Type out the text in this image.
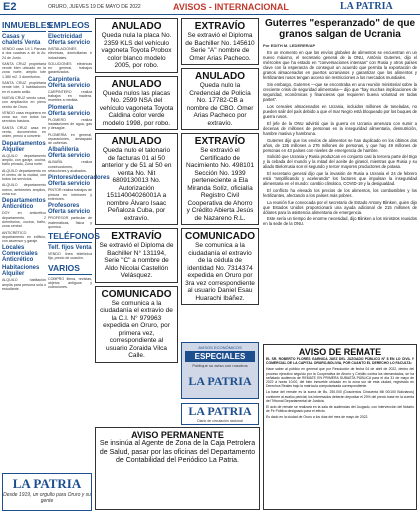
E2	ORURO, JUEVES 19 DE MAYO DE 2022	AVISOS - INTERNACIONAL	LA PATRIA
INMUEBLES
Casas y chalets Venta
VENDO casa 1/4 1 Panzas a dos cuadras a de la Av. 24 de Junio.
SANTA CRUZ propietaria vende bien ubicado en la zona norte, amplio lote 1.380 m2. 3 dormitorios.
SANTA CRUZ propietaria vende lote, 3 habitaciones en el cuarto anillo.
NUEVA CRUZ vendo casa, con ampliación en pleno centro de Oruro.
VENDO casa esquinera en zona sur, con todos los servicios básicos.
SANTA CRUZ casa en venta, documentos en orden, precio a convenir.
Departamentos Alquiler
ALQUILO departamento amplio, con garaje, cocina, baño privado, Zona norte.
ALQUILO departamento en el centro de la ciudad, con todos los servicios.
ALQUILO departamento nuevo, ambientes amplios, zona sur.
Departamentos Anticrético
DOY en anticrético departamento, 2 dormitorios, cocina, baño, zona central.
ANTICRÉTICO departamento en edificio, con ascensor y garaje.
Locales Comerciales Anticrético
Habitaciones Alquiler
ALQUILO habitación amplia para persona sola o estudiante.
LA PATRIA
Desde 1919, un orgullo para Oruro y su gente
EMPLEOS
Electricidad Oferta servicio
INSTALACIONES eléctricas, domiciliarias e industriales.
SOLUCIONES eléctricas en general, trabajos garantizados.
Carpintería Oferta servicio
CARPINTERO realiza trabajos en madera, muebles a medida.
Plomería Oferta servicio
PLOMERO realiza instalaciones de agua, gas y desagüe.
PLOMERÍA en general, reparaciones, destapado de cañerías.
Albañilería Oferta servicio
ALBAÑIL realiza construcciones, refacciones y acabados.
Pintores/decoradores Oferta servicio
PINTOR realiza trabajos de pintura en interiores y exteriores.
Profesores Oferta servicio
PROFESOR particular de matemáticas, física y química.
TELÉFONOS
Telf. fijos Venta
VENDO línea telefónica fija, precio de ocasión.
VARIOS
COMPRO libros, revistas, objetos antiguos y colecciones.
ANULADO
Queda nula la placa No. 2359 KLS del vehículo vagoneta Toyota Probox color blanco modelo 2005, por robo.
ANULADO
Queda nulos las placas No. 2599 NSA del vehículo vagoneta Toyota Caldina color verde modelo 1998, por robo.
ANULADO
Queda nulo el talonario de facturas 01 al 50 anterior y de 51 al 50 en venta No. Nit 6809130013 No. Autorización 15114004026001A a nombre Álvaro Isaac Peñaloza Cuba, por extravío.
EXTRAVÍO
Se extravió el Diploma de Bachiller N° 131194, Serie "C" a nombre de Aldo Nicolai Castellón Velásquez.
COMUNICADO
Se comunica a la ciudadanía el extravío de la C.I. N° 979963 expedida en Oruro, por primera vez, correspondiente al usuario Zoraida Vilca Calle.
EXTRAVÍO
Se extravió el Diploma de Bachiller No. 145610 Serie "A" nombre de Omer Arias Pacheco.
ANULADO
Queda nulo la Credencial de Policía No. 17782-CB a nombre de CBO. Omer Arias Pacheco por extravío.
EXTRAVÍO
Se extravió el Certificado de Nacimiento No. 498101 Sección No. 1939 perteneciente a Ela Miranda Solíz, oficialía Registro Civil Cooperativa de Ahorro y Crédito Abierta Jesús de Nazareno R.L.
COMUNICADO
Se comunica a la ciudadanía el extravío de la cédula de identidad No. 7314374 expedida en Oruro por 3ra vez correspondiente al usuario Daniel Esau Huarachi Ibáñez.
AVISOS ECONÓMICOS
ESPECIALES
Publique su aviso con nosotros
LA PATRIA
LA PATRIA
Diario de circulación nacional
AVISO PERMANENTE
Se insinúa al Agente de Zona de la Caja Petrolera de Salud, pasar por las oficinas del Departamento de Contabilidad del Periódico La Patria.
Guterres "esperanzado" de que granos salgan de Ucrania
Por EDITH M. LEDERER/AP

En un momento en que los envíos globales de alimentos se encuentran en un nuevo máximo, el secretario general de la ONU, António Guterres, dijo el miércoles que ha estado en "conversaciones intensas" con Rusia y otros países clave con la esperanza de conseguir un acuerdo que permita la exportación de granos almacenados en puertos ucranianos y garantizar que los alimentos y fertilizantes rusos tengan acceso sin restricciones a los mercados mundiales.

Sin embargo, Guterres —que se encontraba en una reunión ministerial sobre la creciente crisis de seguridad alimentaria— dijo que "hay muchas implicaciones de seguridad, económicas y financieras que requieren buena voluntad en todas partes".

Los cereales almacenados en Ucrania, incluidos millones de toneladas, no pueden salir del país debido a que el mar Negro está bloqueado por los buques de guerra rusos.

El jefe de la ONU advirtió que la guerra en Ucrania amenaza con sumir a decenas de millones de personas en la inseguridad alimentaria, desnutrición, hambre masiva y hambruna.

Guterres dijo que los envíos de alimentos se han duplicado en los últimos dos años, de 135 millones a 276 millones de personas, y que hay 49 millones de personas en 43 países con niveles de emergencia de hambre.

Solicitó que Ucrania y Rusia produzcan en conjunto casi la tercera parte del trigo y la cebada del mundo y la mitad del aceite de girasol, mientras que Rusia y su aliado Bielorrusia son el segundo y tercer mayores productores de potasa.

El secretario general dijo que la invasión de Rusia a Ucrania el 24 de febrero está "amplificando y acelerando" los factores que impulsan la inseguridad alimentaria en el mundo: cambio climático, COVID-19 y la desigualdad.

El conflicto ha elevado los precios de los alimentos, los combustibles y los fertilizantes, afectando a los países más pobres.

La reunión fue convocada por el secretario de Estado Antony Blinken, quien dijo que Estados Unidos proporcionará una ayuda adicional de 215 millones de dólares para la asistencia alimentaria de emergencia.

Este sería un tiempo de enorme necesidad, dijo Blinken a los ministros reunidos en la sede de la ONU.

AVISO DE REMATE

EL SR. ROBERTO FLORES GARNICA JUEZ DEL JUZGADO PÚBLICO N° 8 EN LO CIVIL Y COMERCIAL DE LA CAPITAL ORURO-BOLIVIA, POR CUANTO EL DERECHO LO FACULTA:

Hace saber al público en general que por Resolución de fecha 04 de abril de 2022, dentro del proceso ejecutivo seguido por la Cooperativa de Ahorro y Crédito contra los demandados, se ha señalado audiencia de REMATE EN PRIMERA SUBASTA PÚBLICA para el día 31 de mayo de 2022 a horas 10:00, del bien inmueble ubicado en la zona sur de esta ciudad, registrado en Derechos Reales bajo la matrícula computarizada correspondiente.

La base del remate es la suma de Bs. 250.000 (Doscientos Cincuenta Mil 00/100 Bolivianos) conforme al avalúo pericial; los interesados deberán depositar el 20% del precio base en la cuenta del Tribunal Departamental de Justicia.

El acto de remate se realizará en la sala de audiencias del Juzgado, con intervención del Notario de Fe Pública designado para el efecto.

Es dado en la ciudad de Oruro a los días del mes de mayo de 2022.
